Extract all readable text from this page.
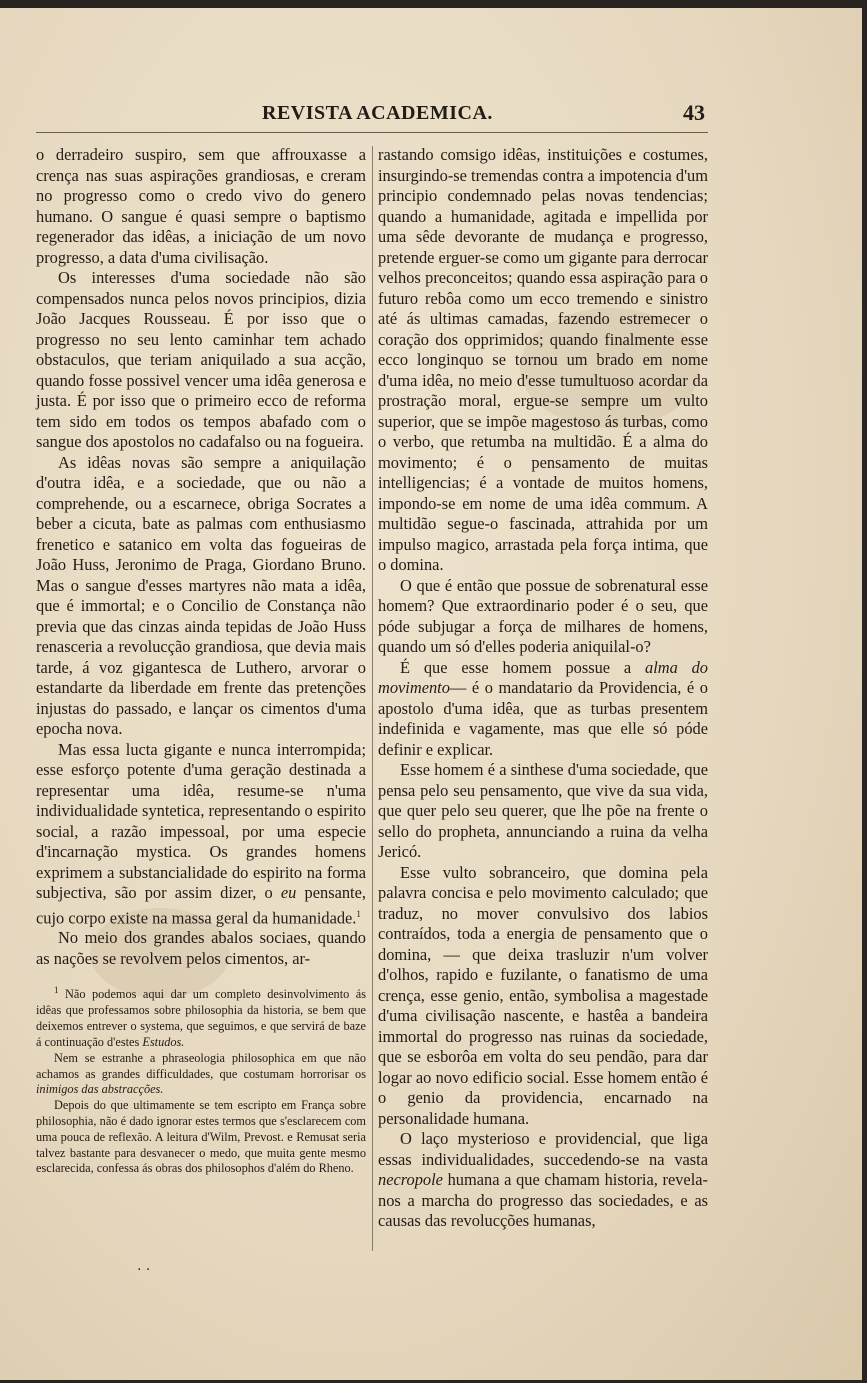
REVISTA ACADEMICA.	43

o derradeiro suspiro, sem que affrouxasse a crença nas suas aspirações grandiosas, e creram no progresso como o credo vivo do genero humano. O sangue é quasi sempre o baptismo regenerador das idêas, a iniciação de um novo progresso, a data d'uma civilisação.

Os interesses d'uma sociedade não são compensados nunca pelos novos principios, dizia João Jacques Rousseau. É por isso que o progresso no seu lento caminhar tem achado obstaculos, que teriam aniquilado a sua acção, quando fosse possivel vencer uma idêa generosa e justa. É por isso que o primeiro ecco de reforma tem sido em todos os tempos abafado com o sangue dos apostolos no cadafalso ou na fogueira.

As idêas novas são sempre a aniquilação d'outra idêa, e a sociedade, que ou não a comprehende, ou a escarnece, obriga Socrates a beber a cicuta, bate as palmas com enthusiasmo frenetico e satanico em volta das fogueiras de João Huss, Jeronimo de Praga, Giordano Bruno. Mas o sangue d'esses martyres não mata a idêa, que é immortal; e o Concilio de Constança não previa que das cinzas ainda tepidas de João Huss renasceria a revolucção grandiosa, que devia mais tarde, á voz gigantesca de Luthero, arvorar o estandarte da liberdade em frente das pretenções injustas do passado, e lançar os cimentos d'uma epocha nova.

Mas essa lucta gigante e nunca interrompida; esse esforço potente d'uma geração destinada a representar uma idêa, resume-se n'uma individualidade syntetica, representando o espirito social, a razão impessoal, por uma especie d'incarnação mystica. Os grandes homens exprimem a substancialidade do espirito na forma subjectiva, são por assim dizer, o eu pensante, cujo corpo existe na massa geral da humanidade.$^1$

No meio dos grandes abalos sociaes, quando as nações se revolvem pelos cimentos, ar-

$^1$ Não podemos aqui dar um completo desinvolvimento ás idêas que professamos sobre philosophia da historia, se bem que deixemos entrever o systema, que seguimos, e que servirá de baze á continuação d'estes Estudos.

Nem se estranhe a phraseologia philosophica em que não achamos as grandes difficuldades, que costumam horrorisar os inimigos das abstracções.

Depois do que ultimamente se tem escripto em França sobre philosophia, não é dado ignorar estes termos que s'esclarecem com uma pouca de reflexão. A leitura d'Wilm, Prevost. e Remusat seria talvez bastante para desvanecer o medo, que muita gente mesmo esclarecida, confessa ás obras dos philosophos d'além do Rheno.

. .

rastando comsigo idêas, instituições e costumes, insurgindo-se tremendas contra a impotencia d'um principio condemnado pelas novas tendencias; quando a humanidade, agitada e impellida por uma sêde devorante de mudança e progresso, pretende erguer-se como um gigante para derrocar velhos preconceitos; quando essa aspiração para o futuro rebôa como um ecco tremendo e sinistro até ás ultimas camadas, fazendo estremecer o coração dos opprimidos; quando finalmente esse ecco longinquo se tornou um brado em nome d'uma idêa, no meio d'esse tumultuoso acordar da prostração moral, ergue-se sempre um vulto superior, que se impõe magestoso ás turbas, como o verbo, que retumba na multidão. É a alma do movimento; é o pensamento de muitas intelligencias; é a vontade de muitos homens, impondo-se em nome de uma idêa commum. A multidão segue-o fascinada, attrahida por um impulso magico, arrastada pela força intima, que o domina.

O que é então que possue de sobrenatural esse homem? Que extraordinario poder é o seu, que póde subjugar a força de milhares de homens, quando um só d'elles poderia aniquilal-o?

É que esse homem possue a alma do movimento— é o mandatario da Providencia, é o apostolo d'uma idêa, que as turbas presentem indefinida e vagamente, mas que elle só póde definir e explicar.

Esse homem é a sinthese d'uma sociedade, que pensa pelo seu pensamento, que vive da sua vida, que quer pelo seu querer, que lhe põe na frente o sello do propheta, annunciando a ruina da velha Jericó.

Esse vulto sobranceiro, que domina pela palavra concisa e pelo movimento calculado; que traduz, no mover convulsivo dos labios contraídos, toda a energia de pensamento que o domina, — que deixa trasluzir n'um volver d'olhos, rapido e fuzilante, o fanatismo de uma crença, esse genio, então, symbolisa a magestade d'uma civilisação nascente, e hastêa a bandeira immortal do progresso nas ruinas da sociedade, que se esborôa em volta do seu pendão, para dar logar ao novo edificio social. Esse homem então é o genio da providencia, encarnado na personalidade humana.

O laço mysterioso e providencial, que liga essas individualidades, succedendo-se na vasta necropole humana a que chamam historia, revela-nos a marcha do progresso das sociedades, e as causas das revolucções humanas,
